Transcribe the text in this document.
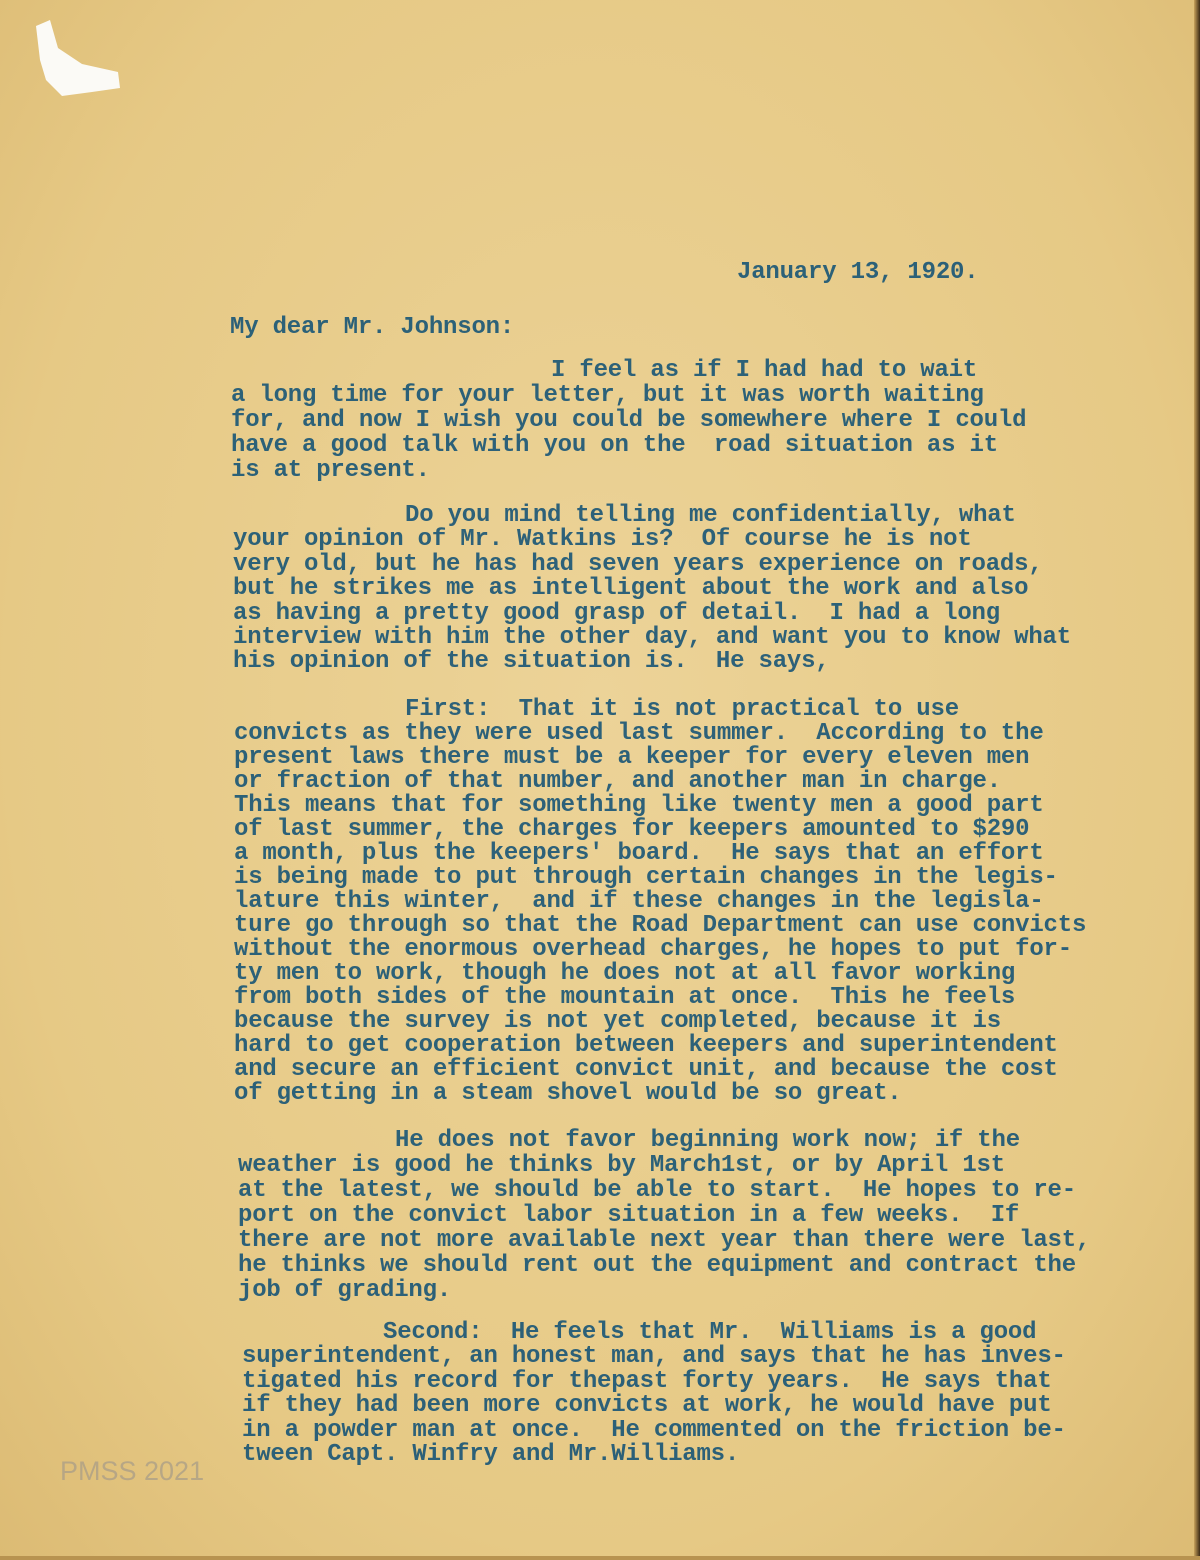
January 13, 1920.
My dear Mr. Johnson:
I feel as if I had had to wait
a long time for your letter, but it was worth waiting
for, and now I wish you could be somewhere where I could
have a good talk with you on the  road situation as it
is at present.
Do you mind telling me confidentially, what
your opinion of Mr. Watkins is?  Of course he is not
very old, but he has had seven years experience on roads,
but he strikes me as intelligent about the work and also
as having a pretty good grasp of detail.  I had a long
interview with him the other day, and want you to know what
his opinion of the situation is.  He says,
First:  That it is not practical to use
convicts as they were used last summer.  According to the
present laws there must be a keeper for every eleven men
or fraction of that number, and another man in charge.
This means that for something like twenty men a good part
of last summer, the charges for keepers amounted to $290
a month, plus the keepers' board.  He says that an effort
is being made to put through certain changes in the legis-
lature this winter,  and if these changes in the legisla-
ture go through so that the Road Department can use convicts
without the enormous overhead charges, he hopes to put for-
ty men to work, though he does not at all favor working
from both sides of the mountain at once.  This he feels
because the survey is not yet completed, because it is
hard to get cooperation between keepers and superintendent
and secure an efficient convict unit, and because the cost
of getting in a steam shovel would be so great.
He does not favor beginning work now; if the
weather is good he thinks by March1st, or by April 1st
at the latest, we should be able to start.  He hopes to re-
port on the convict labor situation in a few weeks.  If
there are not more available next year than there were last,
he thinks we should rent out the equipment and contract the
job of grading.
Second:  He feels that Mr.  Williams is a good
superintendent, an honest man, and says that he has inves-
tigated his record for thepast forty years.  He says that
if they had been more convicts at work, he would have put
in a powder man at once.  He commented on the friction be-
tween Capt. Winfry and Mr.Williams.
PMSS 2021
